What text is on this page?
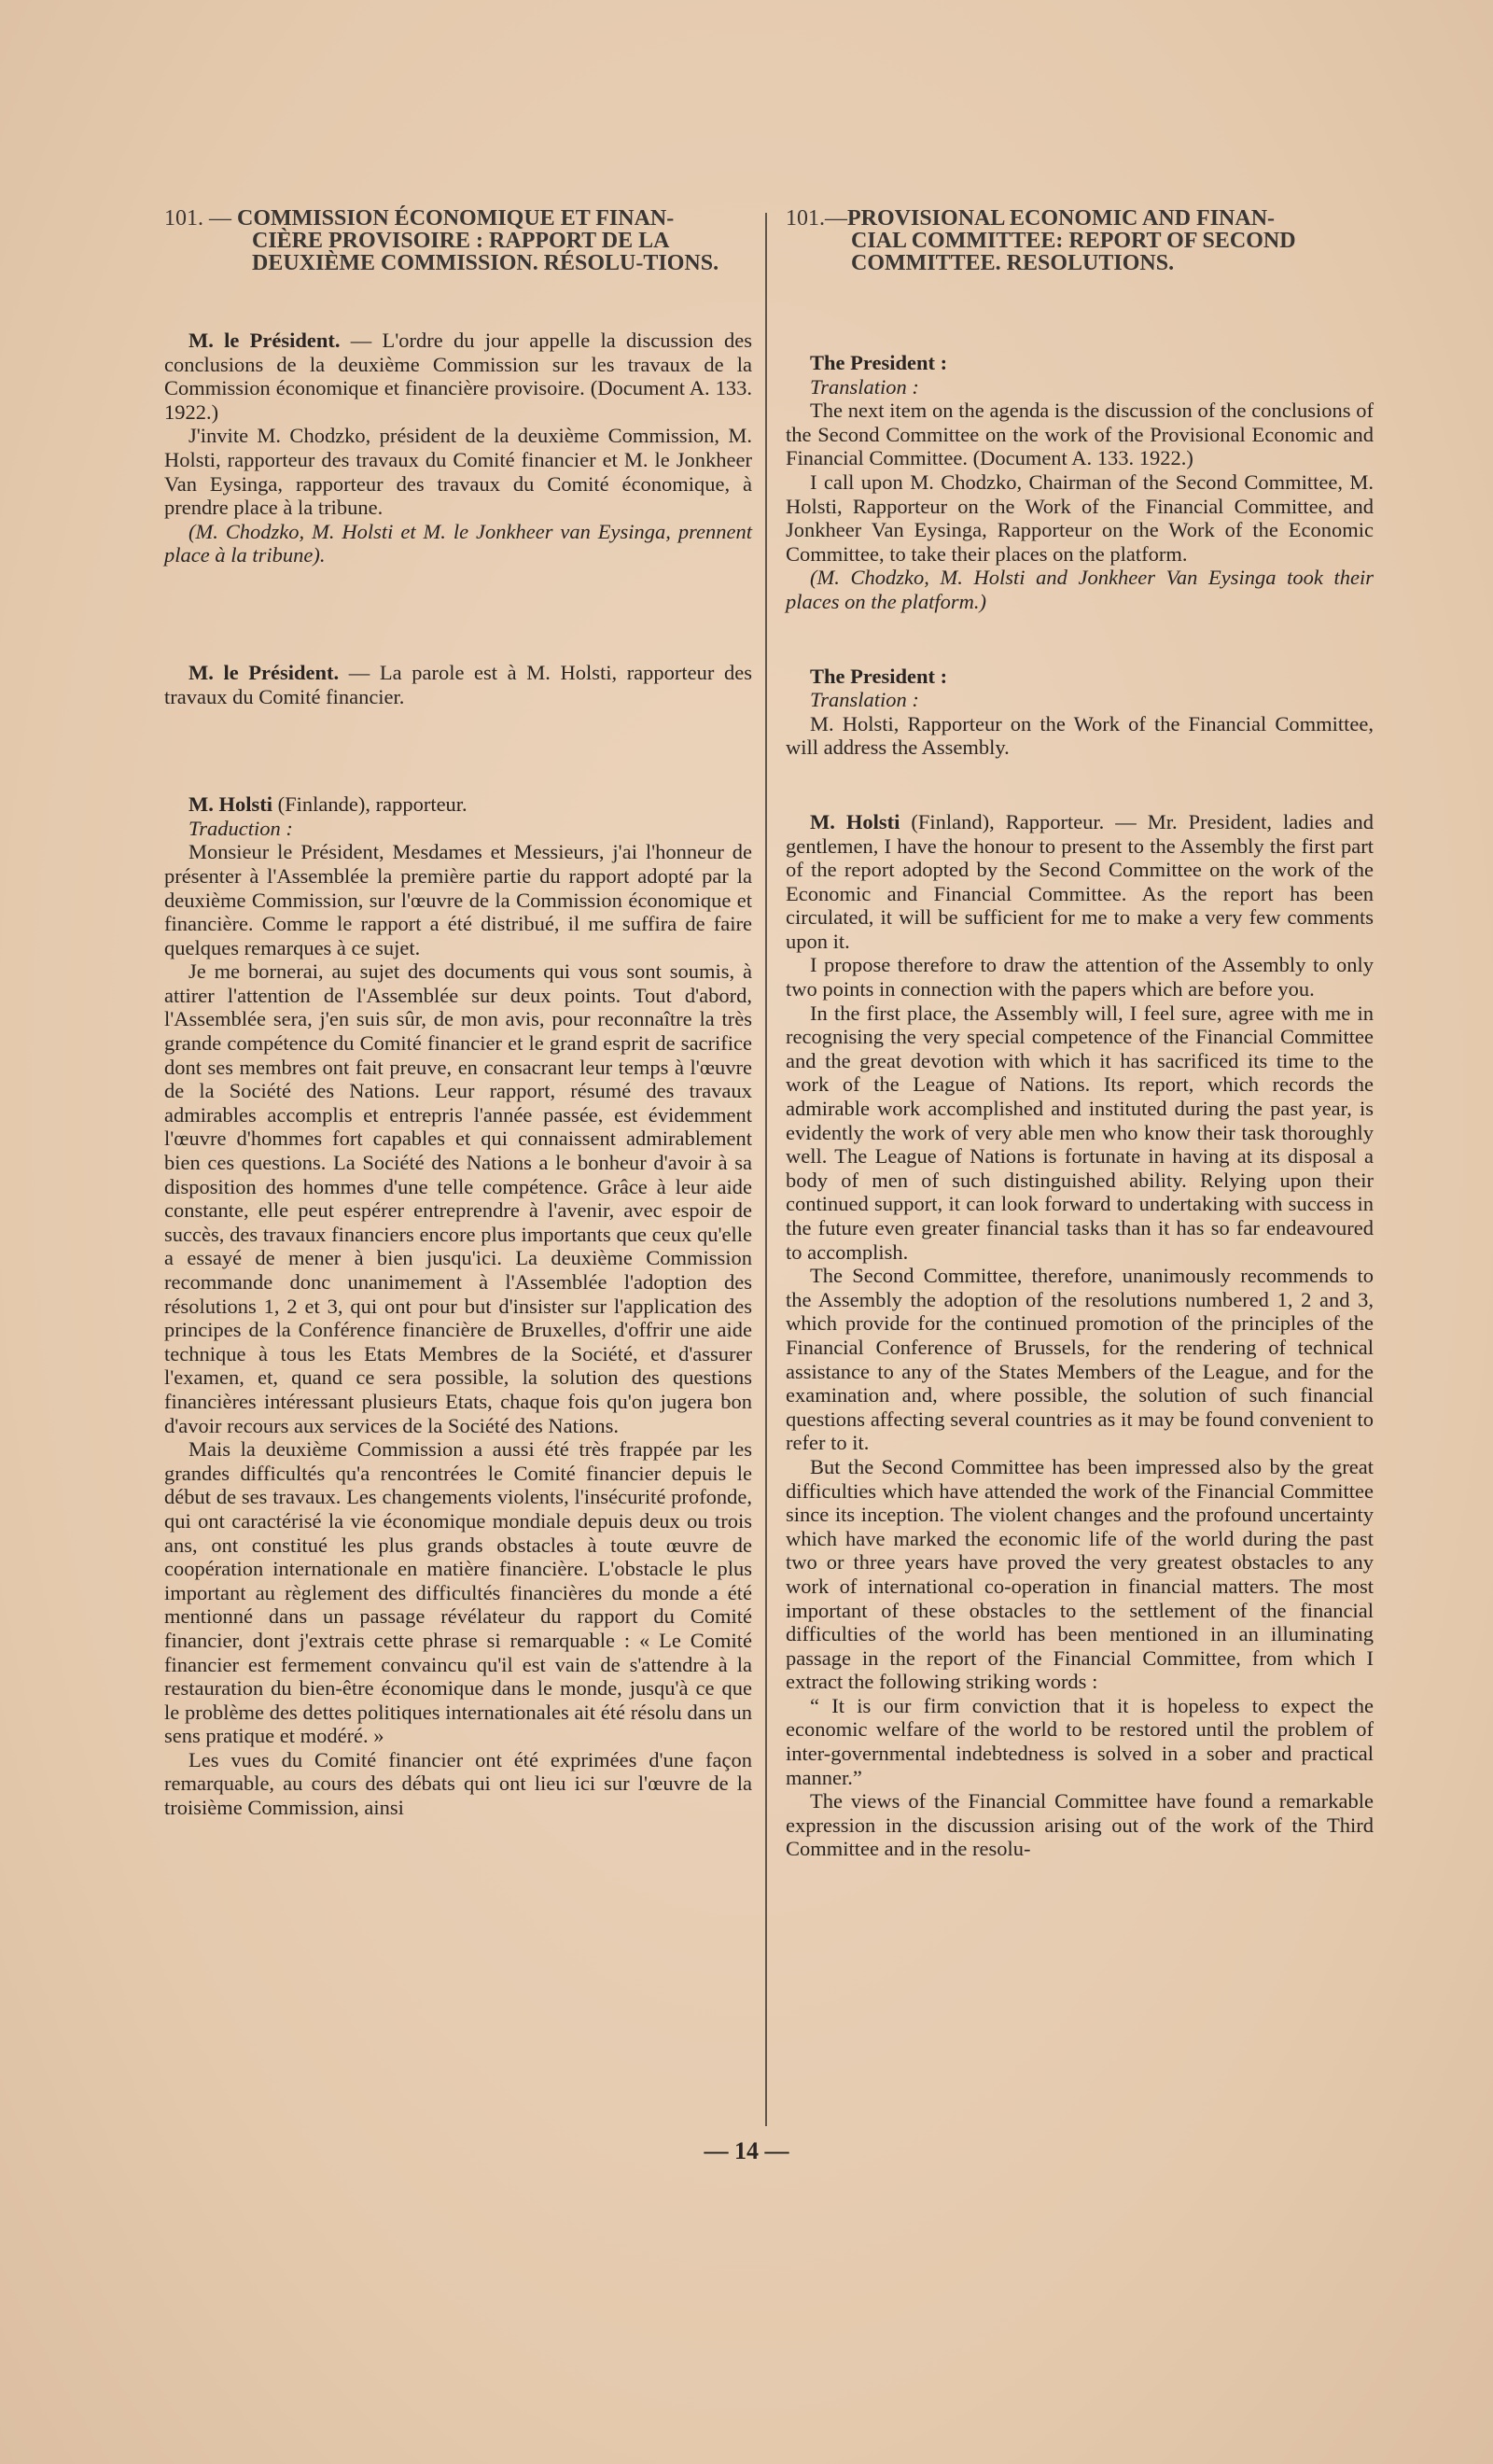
101. — COMMISSION ÉCONOMIQUE ET FINAN-
CIÈRE PROVISOIRE : RAPPORT DE LA DEUXIÈME COMMISSION. RÉSOLU-TIONS.

M. le Président. — L'ordre du jour appelle la discussion des conclusions de la deuxième Commission sur les travaux de la Commission économique et financière provisoire. (Document A. 133. 1922.)

J'invite M. Chodzko, président de la deuxième Commission, M. Holsti, rapporteur des travaux du Comité financier et M. le Jonkheer Van Eysinga, rapporteur des travaux du Comité économique, à prendre place à la tribune.

(M. Chodzko, M. Holsti et M. le Jonkheer van Eysinga, prennent place à la tribune).

M. le Président. — La parole est à M. Holsti, rapporteur des travaux du Comité financier.

M. Holsti (Finlande), rapporteur.

Traduction :

Monsieur le Président, Mesdames et Messieurs, j'ai l'honneur de présenter à l'Assemblée la première partie du rapport adopté par la deuxième Commission, sur l'œuvre de la Commission économique et financière. Comme le rapport a été distribué, il me suffira de faire quelques remarques à ce sujet.

Je me bornerai, au sujet des documents qui vous sont soumis, à attirer l'attention de l'Assemblée sur deux points. Tout d'abord, l'Assemblée sera, j'en suis sûr, de mon avis, pour reconnaître la très grande compétence du Comité financier et le grand esprit de sacrifice dont ses membres ont fait preuve, en consacrant leur temps à l'œuvre de la Société des Nations. Leur rapport, résumé des travaux admirables accomplis et entrepris l'année passée, est évidemment l'œuvre d'hommes fort capables et qui connaissent admirablement bien ces questions. La Société des Nations a le bonheur d'avoir à sa disposition des hommes d'une telle compétence. Grâce à leur aide constante, elle peut espérer entreprendre à l'avenir, avec espoir de succès, des travaux financiers encore plus importants que ceux qu'elle a essayé de mener à bien jusqu'ici. La deuxième Commission recommande donc unanimement à l'Assemblée l'adoption des résolutions 1, 2 et 3, qui ont pour but d'insister sur l'application des principes de la Conférence financière de Bruxelles, d'offrir une aide technique à tous les Etats Membres de la Société, et d'assurer l'examen, et, quand ce sera possible, la solution des questions financières intéressant plusieurs Etats, chaque fois qu'on jugera bon d'avoir recours aux services de la Société des Nations.

Mais la deuxième Commission a aussi été très frappée par les grandes difficultés qu'a rencontrées le Comité financier depuis le début de ses travaux. Les changements violents, l'insécurité profonde, qui ont caractérisé la vie économique mondiale depuis deux ou trois ans, ont constitué les plus grands obstacles à toute œuvre de coopération internationale en matière financière. L'obstacle le plus important au règlement des difficultés financières du monde a été mentionné dans un passage révélateur du rapport du Comité financier, dont j'extrais cette phrase si remarquable : « Le Comité financier est fermement convaincu qu'il est vain de s'attendre à la restauration du bien-être économique dans le monde, jusqu'à ce que le problème des dettes politiques internationales ait été résolu dans un sens pratique et modéré. »

Les vues du Comité financier ont été exprimées d'une façon remarquable, au cours des débats qui ont lieu ici sur l'œuvre de la troisième Commission, ainsi

101.—PROVISIONAL ECONOMIC AND FINAN-
CIAL COMMITTEE: REPORT OF SECOND COMMITTEE. RESOLUTIONS.

The President :

Translation :

The next item on the agenda is the discussion of the conclusions of the Second Committee on the work of the Provisional Economic and Financial Committee. (Document A. 133. 1922.)

I call upon M. Chodzko, Chairman of the Second Committee, M. Holsti, Rapporteur on the Work of the Financial Committee, and Jonkheer Van Eysinga, Rapporteur on the Work of the Economic Committee, to take their places on the platform.

(M. Chodzko, M. Holsti and Jonkheer Van Eysinga took their places on the platform.)

The President :

Translation :

M. Holsti, Rapporteur on the Work of the Financial Committee, will address the Assembly.

M. Holsti (Finland), Rapporteur. — Mr. President, ladies and gentlemen, I have the honour to present to the Assembly the first part of the report adopted by the Second Committee on the work of the Economic and Financial Committee. As the report has been circulated, it will be sufficient for me to make a very few comments upon it.

I propose therefore to draw the attention of the Assembly to only two points in connection with the papers which are before you.

In the first place, the Assembly will, I feel sure, agree with me in recognising the very special competence of the Financial Committee and the great devotion with which it has sacrificed its time to the work of the League of Nations. Its report, which records the admirable work accomplished and instituted during the past year, is evidently the work of very able men who know their task thoroughly well. The League of Nations is fortunate in having at its disposal a body of men of such distinguished ability. Relying upon their continued support, it can look forward to undertaking with success in the future even greater financial tasks than it has so far endeavoured to accomplish.

The Second Committee, therefore, unanimously recommends to the Assembly the adoption of the resolutions numbered 1, 2 and 3, which provide for the continued promotion of the principles of the Financial Conference of Brussels, for the rendering of technical assistance to any of the States Members of the League, and for the examination and, where possible, the solution of such financial questions affecting several countries as it may be found convenient to refer to it.

But the Second Committee has been impressed also by the great difficulties which have attended the work of the Financial Committee since its inception. The violent changes and the profound uncertainty which have marked the economic life of the world during the past two or three years have proved the very greatest obstacles to any work of international co-operation in financial matters. The most important of these obstacles to the settlement of the financial difficulties of the world has been mentioned in an illuminating passage in the report of the Financial Committee, from which I extract the following striking words :

“ It is our firm conviction that it is hopeless to expect the economic welfare of the world to be restored until the problem of inter-governmental indebtedness is solved in a sober and practical manner.”

The views of the Financial Committee have found a remarkable expression in the discussion arising out of the work of the Third Committee and in the resolu-

— 14 —
